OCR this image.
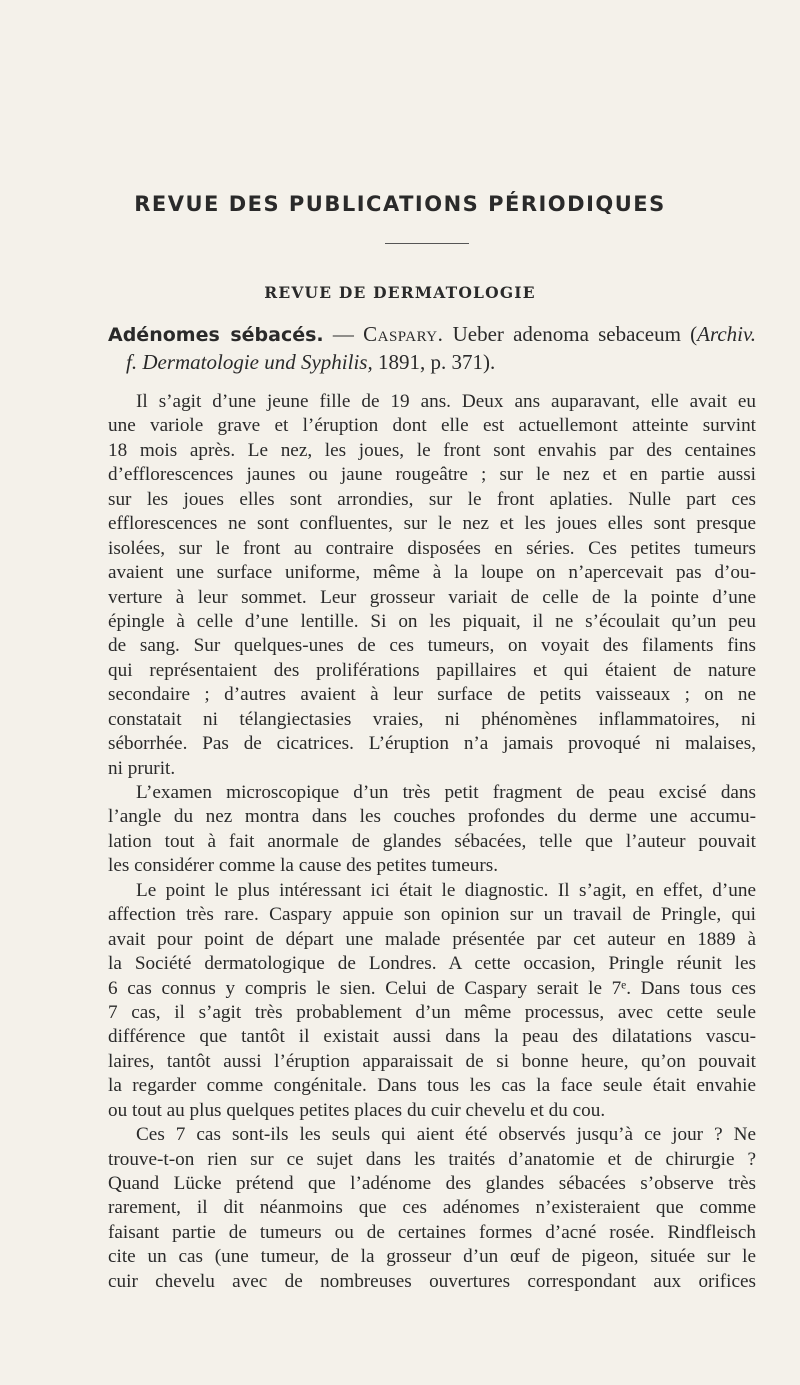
REVUE DES PUBLICATIONS PÉRIODIQUES
REVUE DE DERMATOLOGIE
Adénomes sébacés. — Caspary. Ueber adenoma sebaceum (Archiv.
f. Dermatologie und Syphilis, 1891, p. 371).
Il s’agit d’une jeune fille de 19 ans. Deux ans auparavant, elle avait eu
une variole grave et l’éruption dont elle est actuellemont atteinte survint
18 mois après. Le nez, les joues, le front sont envahis par des centaines
d’efflorescences jaunes ou jaune rougeâtre ; sur le nez et en partie aussi
sur les joues elles sont arrondies, sur le front aplaties. Nulle part ces
efflorescences ne sont confluentes, sur le nez et les joues elles sont presque
isolées, sur le front au contraire disposées en séries. Ces petites tumeurs
avaient une surface uniforme, même à la loupe on n’apercevait pas d’ou-
verture à leur sommet. Leur grosseur variait de celle de la pointe d’une
épingle à celle d’une lentille. Si on les piquait, il ne s’écoulait qu’un peu
de sang. Sur quelques-unes de ces tumeurs, on voyait des filaments fins
qui représentaient des proliférations papillaires et qui étaient de nature
secondaire ; d’autres avaient à leur surface de petits vaisseaux ; on ne
constatait ni télangiectasies vraies, ni phénomènes inflammatoires, ni
séborrhée. Pas de cicatrices. L’éruption n’a jamais provoqué ni malaises,
ni prurit.
L’examen microscopique d’un très petit fragment de peau excisé dans
l’angle du nez montra dans les couches profondes du derme une accumu-
lation tout à fait anormale de glandes sébacées, telle que l’auteur pouvait
les considérer comme la cause des petites tumeurs.
Le point le plus intéressant ici était le diagnostic. Il s’agit, en effet, d’une
affection très rare. Caspary appuie son opinion sur un travail de Pringle, qui
avait pour point de départ une malade présentée par cet auteur en 1889 à
la Société dermatologique de Londres. A cette occasion, Pringle réunit les
6 cas connus y compris le sien. Celui de Caspary serait le 7ᵉ. Dans tous ces
7 cas, il s’agit très probablement d’un même processus, avec cette seule
différence que tantôt il existait aussi dans la peau des dilatations vascu-
laires, tantôt aussi l’éruption apparaissait de si bonne heure, qu’on pouvait
la regarder comme congénitale. Dans tous les cas la face seule était envahie
ou tout au plus quelques petites places du cuir chevelu et du cou.
Ces 7 cas sont-ils les seuls qui aient été observés jusqu’à ce jour ? Ne
trouve-t-on rien sur ce sujet dans les traités d’anatomie et de chirurgie ?
Quand Lücke prétend que l’adénome des glandes sébacées s’observe très
rarement, il dit néanmoins que ces adénomes n’existeraient que comme
faisant partie de tumeurs ou de certaines formes d’acné rosée. Rindfleisch
cite un cas (une tumeur, de la grosseur d’un œuf de pigeon, située sur le
cuir chevelu avec de nombreuses ouvertures correspondant aux orifices
